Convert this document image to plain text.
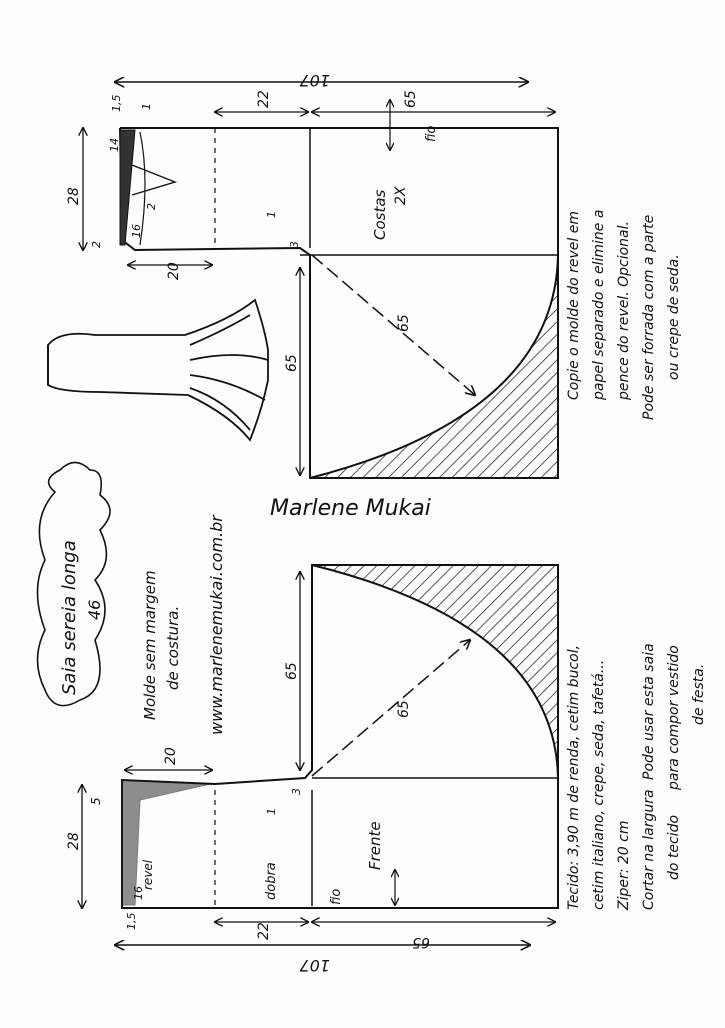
Saia sereia longa 46 Molde sem margem de costura. www.marlenemukai.com.br
Costas 2X
fio
107
22	65
28
1,5 1
14
2
16
2
20
1
3
65
65
Marlene Mukai
Frente
fio
dobra
revel
107
22
65
28
5
20
16
1,5
1
3
65
65
Copie o molde do revel em papel separado e elimine a pence do revel. Opcional. Pode ser forrada com a parte ou crepe de seda.
Tecido: 3,90 m de renda, cetim bucol, cetim italiano, crepe, seda, tafetá... Ziper: 20 cm Cortar na largura do tecido
Pode usar esta saia para compor vestido de festa.
